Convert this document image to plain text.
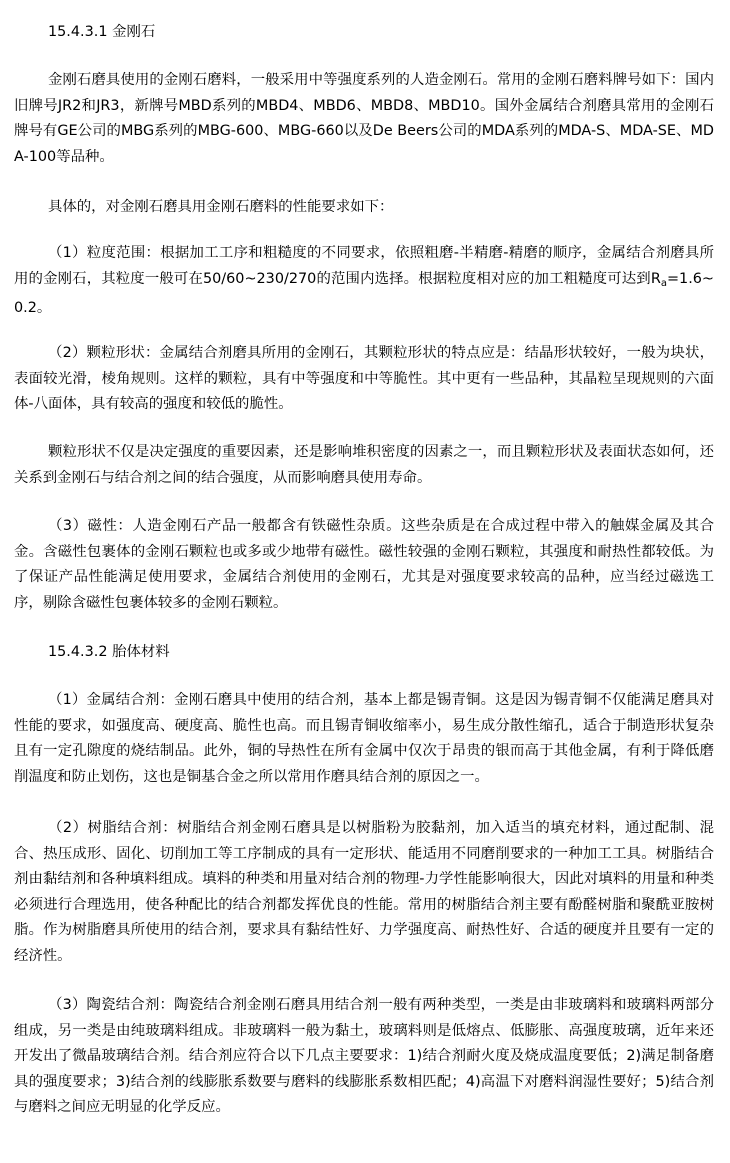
15.4.3.1 金刚石
金刚石磨具使用的金刚石磨料，一般采用中等强度系列的人造金刚石。常用的金刚石磨料牌号如下：国内旧牌号JR2和JR3，新牌号MBD系列的MBD4、MBD6、MBD8、MBD10。国外金属结合剂磨具常用的金刚石牌号有GE公司的MBG系列的MBG-600、MBG-660以及De Beers公司的MDA系列的MDA-S、MDA-SE、MDA-100等品种。
具体的，对金刚石磨具用金刚石磨料的性能要求如下：
（1）粒度范围：根据加工工序和粗糙度的不同要求，依照粗磨-半精磨-精磨的顺序，金属结合剂磨具所用的金刚石，其粒度一般可在50/60~230/270的范围内选择。根据粒度相对应的加工粗糙度可达到$R_a=1.6\sim 0.2$。
（2）颗粒形状：金属结合剂磨具所用的金刚石，其颗粒形状的特点应是：结晶形状较好，一般为块状，表面较光滑，棱角规则。这样的颗粒，具有中等强度和中等脆性。其中更有一些品种，其晶粒呈现规则的六面体-八面体，具有较高的强度和较低的脆性。
颗粒形状不仅是决定强度的重要因素，还是影响堆积密度的因素之一，而且颗粒形状及表面状态如何，还关系到金刚石与结合剂之间的结合强度，从而影响磨具使用寿命。
（3）磁性：人造金刚石产品一般都含有铁磁性杂质。这些杂质是在合成过程中带入的触媒金属及其合金。含磁性包裹体的金刚石颗粒也或多或少地带有磁性。磁性较强的金刚石颗粒，其强度和耐热性都较低。为了保证产品性能满足使用要求，金属结合剂使用的金刚石，尤其是对强度要求较高的品种，应当经过磁选工序，剔除含磁性包裹体较多的金刚石颗粒。
15.4.3.2 胎体材料
（1）金属结合剂：金刚石磨具中使用的结合剂，基本上都是锡青铜。这是因为锡青铜不仅能满足磨具对性能的要求，如强度高、硬度高、脆性也高。而且锡青铜收缩率小，易生成分散性缩孔，适合于制造形状复杂且有一定孔隙度的烧结制品。此外，铜的导热性在所有金属中仅次于昂贵的银而高于其他金属，有利于降低磨削温度和防止划伤，这也是铜基合金之所以常用作磨具结合剂的原因之一。
（2）树脂结合剂：树脂结合剂金刚石磨具是以树脂粉为胶黏剂，加入适当的填充材料，通过配制、混合、热压成形、固化、切削加工等工序制成的具有一定形状、能适用不同磨削要求的一种加工工具。树脂结合剂由黏结剂和各种填料组成。填料的种类和用量对结合剂的物理-力学性能影响很大，因此对填料的用量和种类必须进行合理选用，使各种配比的结合剂都发挥优良的性能。常用的树脂结合剂主要有酚醛树脂和聚酰亚胺树脂。作为树脂磨具所使用的结合剂，要求具有黏结性好、力学强度高、耐热性好、合适的硬度并且要有一定的经济性。
（3）陶瓷结合剂：陶瓷结合剂金刚石磨具用结合剂一般有两种类型，一类是由非玻璃料和玻璃料两部分组成，另一类是由纯玻璃料组成。非玻璃料一般为黏土，玻璃料则是低熔点、低膨胀、高强度玻璃，近年来还开发出了微晶玻璃结合剂。结合剂应符合以下几点主要要求：1)结合剂耐火度及烧成温度要低；2)满足制备磨具的强度要求；3)结合剂的线膨胀系数要与磨料的线膨胀系数相匹配；4)高温下对磨料润湿性要好；5)结合剂与磨料之间应无明显的化学反应。
